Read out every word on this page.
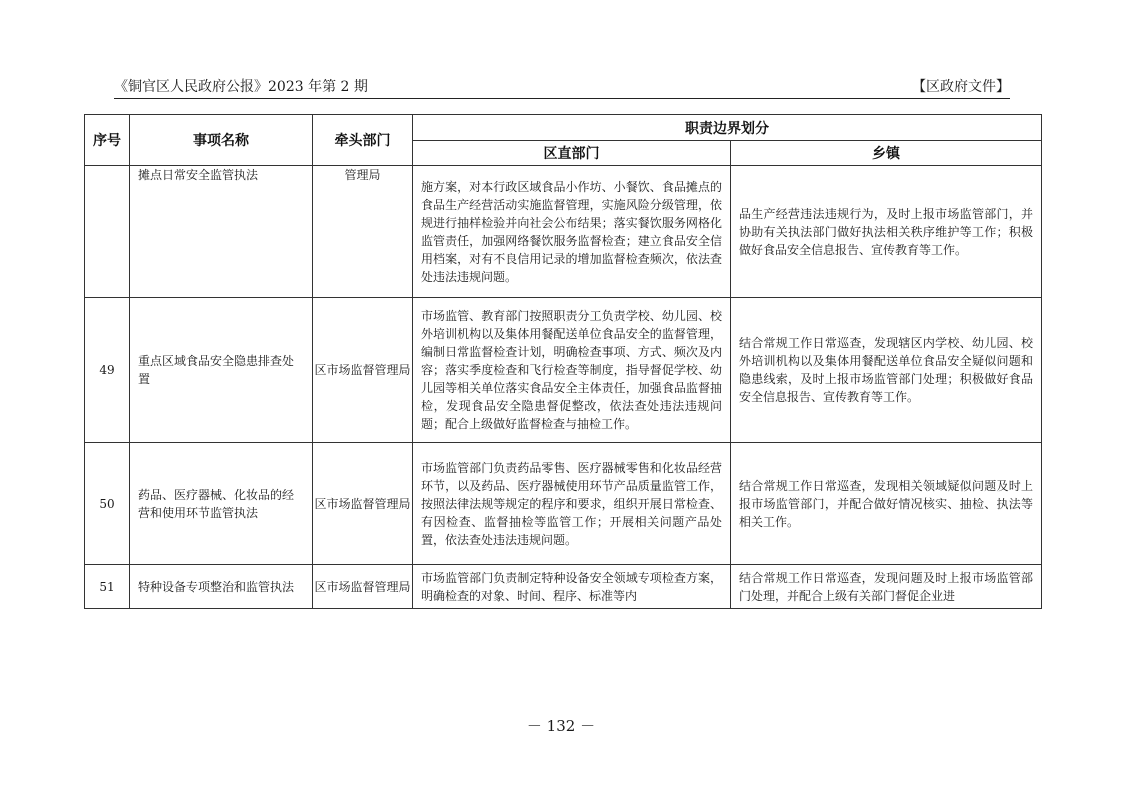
《铜官区人民政府公报》2023 年第 2 期	【区政府文件】
序号	事项名称	牵头部门	职责边界划分	
			区直部门	乡镇
	摊点日常安全监管执法	管理局	施方案，对本行政区域食品小作坊、小餐饮、食品摊点的食品生产经营活动实施监督管理，实施风险分级管理，依规进行抽样检验并向社会公布结果；落实餐饮服务网格化监管责任，加强网络餐饮服务监督检查；建立食品安全信用档案，对有不良信用记录的增加监督检查频次，依法查处违法违规问题。	品生产经营违法违规行为，及时上报市场监管部门，并协助有关执法部门做好执法相关秩序维护等工作；积极做好食品安全信息报告、宣传教育等工作。
49	重点区域食品安全隐患排查处置	区市场监督管理局	市场监管、教育部门按照职责分工负责学校、幼儿园、校外培训机构以及集体用餐配送单位食品安全的监督管理，编制日常监督检查计划，明确检查事项、方式、频次及内容；落实季度检查和飞行检查等制度，指导督促学校、幼儿园等相关单位落实食品安全主体责任，加强食品监督抽检，发现食品安全隐患督促整改，依法查处违法违规问题；配合上级做好监督检查与抽检工作。	结合常规工作日常巡查，发现辖区内学校、幼儿园、校外培训机构以及集体用餐配送单位食品安全疑似问题和隐患线索，及时上报市场监管部门处理；积极做好食品安全信息报告、宣传教育等工作。
50	药品、医疗器械、化妆品的经营和使用环节监管执法	区市场监督管理局	市场监管部门负责药品零售、医疗器械零售和化妆品经营环节，以及药品、医疗器械使用环节产品质量监管工作，按照法律法规等规定的程序和要求，组织开展日常检查、有因检查、监督抽检等监管工作；开展相关问题产品处置，依法查处违法违规问题。	结合常规工作日常巡查，发现相关领域疑似问题及时上报市场监管部门，并配合做好情况核实、抽检、执法等相关工作。
51	特种设备专项整治和监管执法	区市场监督管理局	市场监管部门负责制定特种设备安全领域专项检查方案，明确检查的对象、时间、程序、标准等内	结合常规工作日常巡查，发现问题及时上报市场监管部门处理，并配合上级有关部门督促企业进
－ 132 －
